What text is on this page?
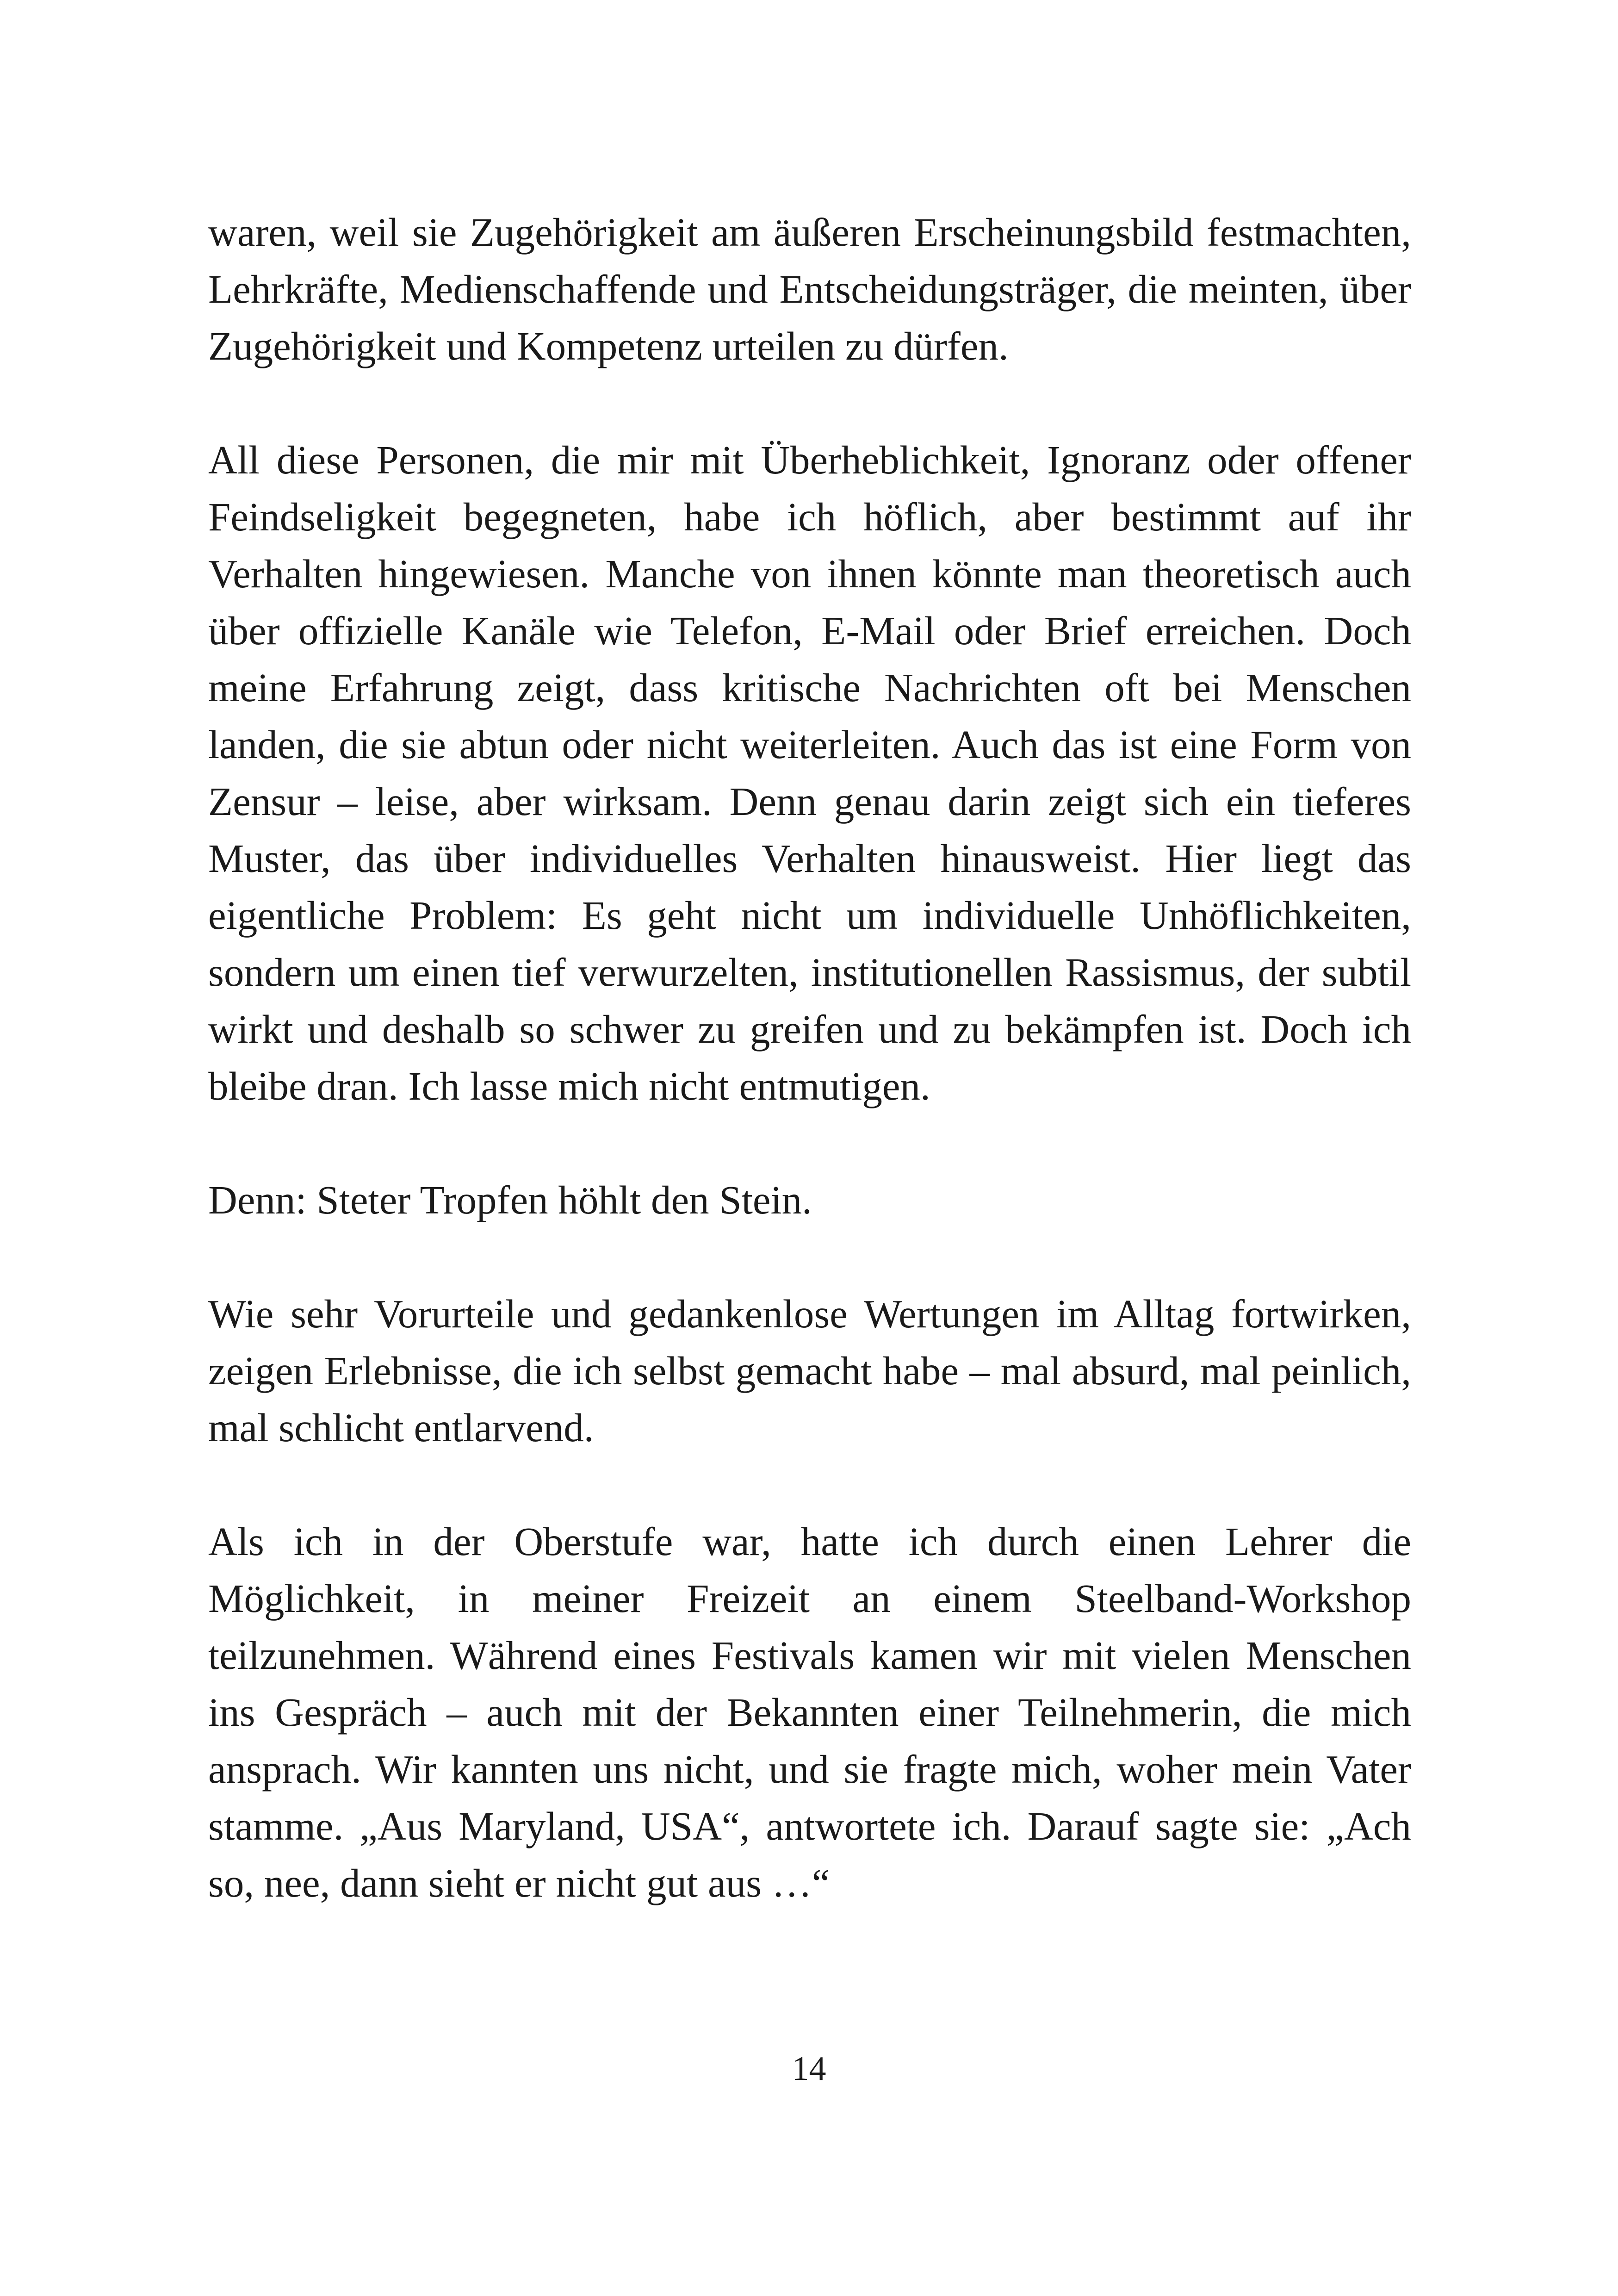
waren, weil sie Zugehörigkeit am äußeren Erscheinungsbild festmachten, Lehrkräfte, Medienschaffende und Entscheidungsträger, die meinten, über Zugehörigkeit und Kompetenz urteilen zu dürfen.

All diese Personen, die mir mit Überheblichkeit, Ignoranz oder offener Feindseligkeit begegneten, habe ich höflich, aber bestimmt auf ihr Verhalten hingewiesen. Manche von ihnen könnte man theoretisch auch über offizielle Kanäle wie Telefon, E-Mail oder Brief erreichen. Doch meine Erfahrung zeigt, dass kritische Nachrichten oft bei Menschen landen, die sie abtun oder nicht weiterleiten. Auch das ist eine Form von Zensur – leise, aber wirksam. Denn genau darin zeigt sich ein tieferes Muster, das über individuelles Verhalten hinausweist. Hier liegt das eigentliche Problem: Es geht nicht um individuelle Unhöflichkeiten, sondern um einen tief verwurzelten, institutionellen Rassismus, der subtil wirkt und deshalb so schwer zu greifen und zu bekämpfen ist. Doch ich bleibe dran. Ich lasse mich nicht entmutigen.

Denn: Steter Tropfen höhlt den Stein.

Wie sehr Vorurteile und gedankenlose Wertungen im Alltag fortwirken, zeigen Erlebnisse, die ich selbst gemacht habe – mal absurd, mal peinlich, mal schlicht entlarvend.

Als ich in der Oberstufe war, hatte ich durch einen Lehrer die Möglichkeit, in meiner Freizeit an einem Steelband-Workshop teilzunehmen. Während eines Festivals kamen wir mit vielen Menschen ins Gespräch – auch mit der Bekannten einer Teilnehmerin, die mich ansprach. Wir kannten uns nicht, und sie fragte mich, woher mein Vater stamme. „Aus Maryland, USA“, antwortete ich. Darauf sagte sie: „Ach so, nee, dann sieht er nicht gut aus …“

14
